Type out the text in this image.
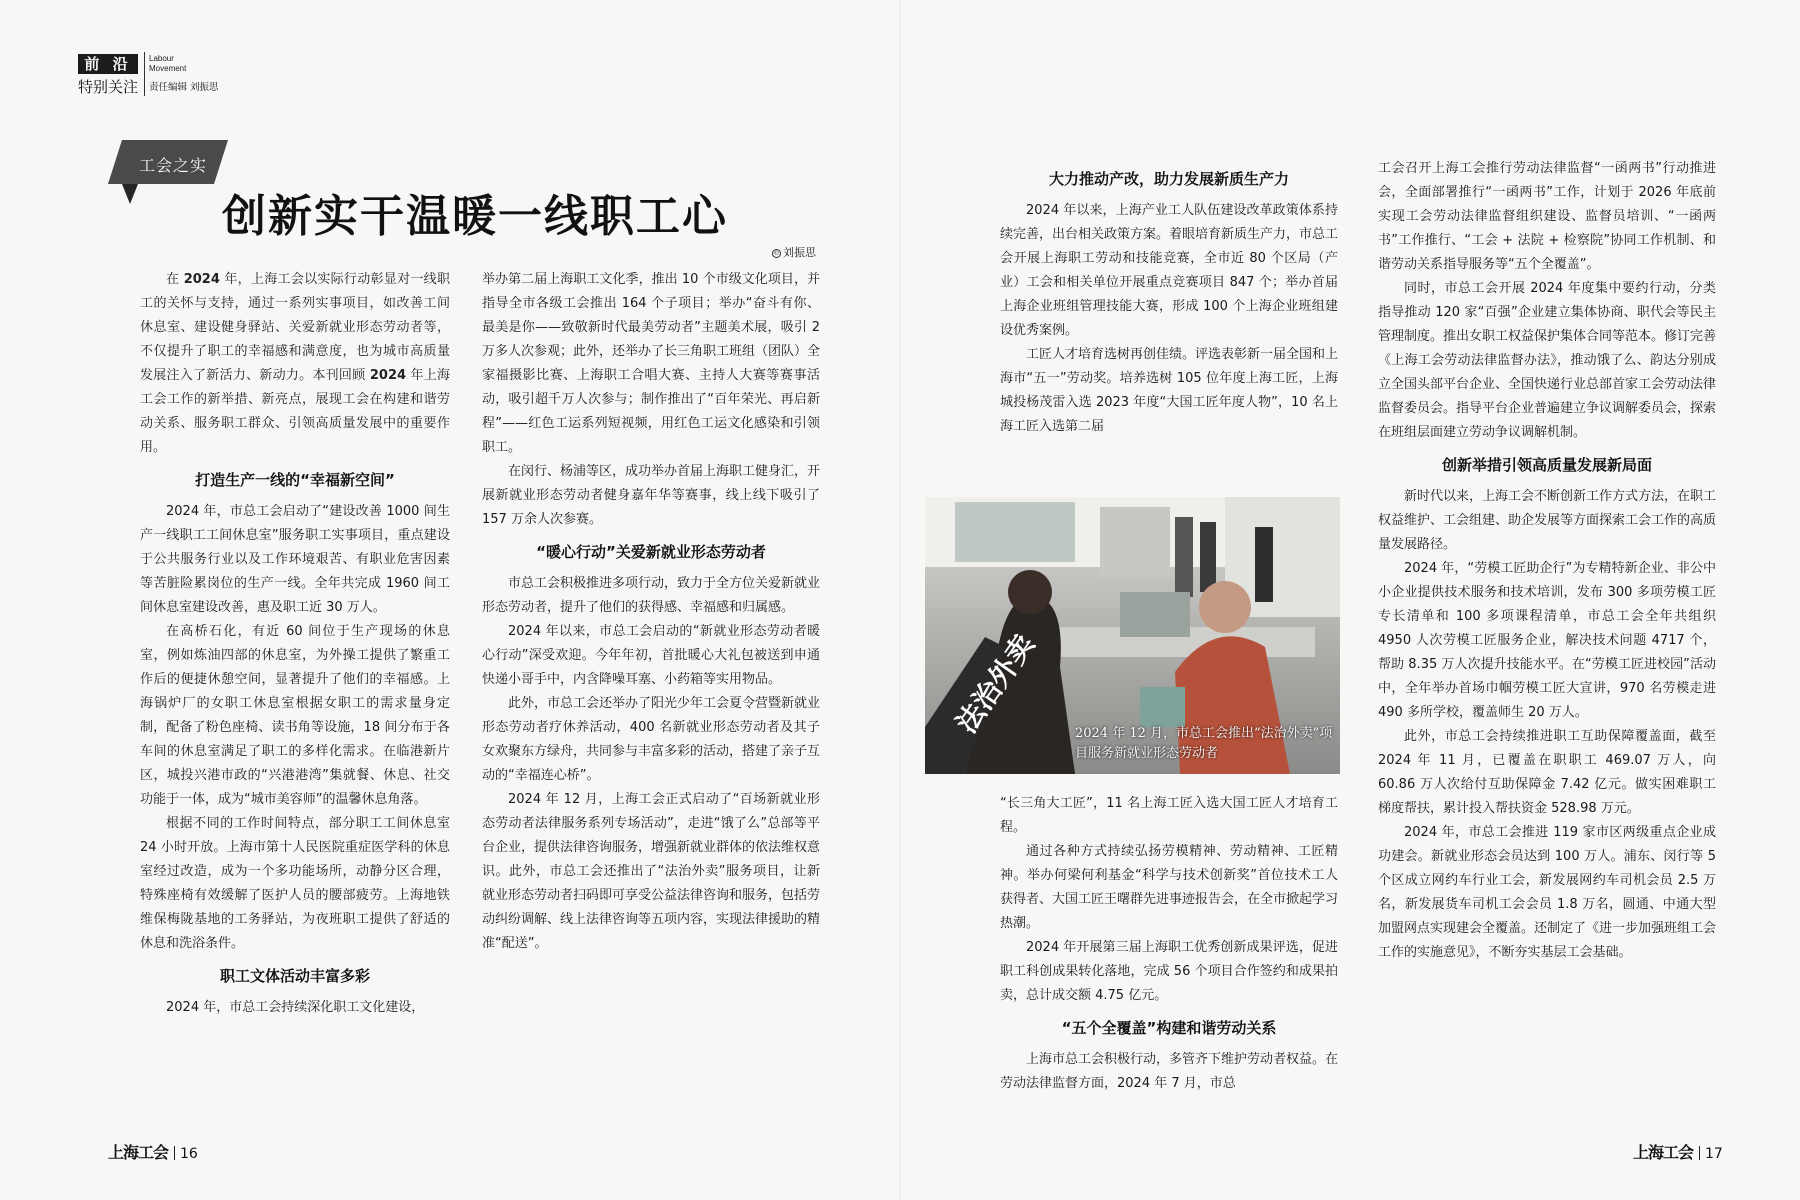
前 沿
特别关注
Labour
Movement
责任编辑 刘振思
工会之实
创新实干温暖一线职工心
© 刘振思

在 2024 年，上海工会以实际行动彰显对一线职工的关怀与支持，通过一系列实事项目，如改善工间休息室、建设健身驿站、关爱新就业形态劳动者等，不仅提升了职工的幸福感和满意度，也为城市高质量发展注入了新活力、新动力。本刊回顾 2024 年上海工会工作的新举措、新亮点，展现工会在构建和谐劳动关系、服务职工群众、引领高质量发展中的重要作用。

打造生产一线的“幸福新空间”

2024 年，市总工会启动了“建设改善 1000 间生产一线职工工间休息室”服务职工实事项目，重点建设于公共服务行业以及工作环境艰苦、有职业危害因素等苦脏险累岗位的生产一线。全年共完成 1960 间工间休息室建设改善，惠及职工近 30 万人。

在高桥石化，有近 60 间位于生产现场的休息室，例如炼油四部的休息室，为外操工提供了繁重工作后的便捷休憩空间，显著提升了他们的幸福感。上海锅炉厂的女职工休息室根据女职工的需求量身定制，配备了粉色座椅、读书角等设施，18 间分布于各车间的休息室满足了职工的多样化需求。在临港新片区，城投兴港市政的“兴港港湾”集就餐、休息、社交功能于一体，成为“城市美容师”的温馨休息角落。

根据不同的工作时间特点，部分职工工间休息室 24 小时开放。上海市第十人民医院重症医学科的休息室经过改造，成为一个多功能场所，动静分区合理，特殊座椅有效缓解了医护人员的腰部疲劳。上海地铁维保梅陇基地的工务驿站，为夜班职工提供了舒适的休息和洗浴条件。

职工文体活动丰富多彩

2024 年，市总工会持续深化职工文化建设，

举办第二届上海职工文化季，推出 10 个市级文化项目，并指导全市各级工会推出 164 个子项目；举办“奋斗有你、最美是你——致敬新时代最美劳动者”主题美术展，吸引 2 万多人次参观；此外，还举办了长三角职工班组（团队）全家福摄影比赛、上海职工合唱大赛、主持人大赛等赛事活动，吸引超千万人次参与；制作推出了“百年荣光、再启新程”——红色工运系列短视频，用红色工运文化感染和引领职工。

在闵行、杨浦等区，成功举办首届上海职工健身汇，开展新就业形态劳动者健身嘉年华等赛事，线上线下吸引了 157 万余人次参赛。

“暖心行动”关爱新就业形态劳动者

市总工会积极推进多项行动，致力于全方位关爱新就业形态劳动者，提升了他们的获得感、幸福感和归属感。

2024 年以来，市总工会启动的“新就业形态劳动者暖心行动”深受欢迎。今年年初，首批暖心大礼包被送到申通快递小哥手中，内含降噪耳塞、小药箱等实用物品。

此外，市总工会还举办了阳光少年工会夏令营暨新就业形态劳动者疗休养活动，400 名新就业形态劳动者及其子女欢聚东方绿舟，共同参与丰富多彩的活动，搭建了亲子互动的“幸福连心桥”。

2024 年 12 月，上海工会正式启动了“百场新就业形态劳动者法律服务系列专场活动”，走进“饿了么”总部等平台企业，提供法律咨询服务，增强新就业群体的依法维权意识。此外，市总工会还推出了“法治外卖”服务项目，让新就业形态劳动者扫码即可享受公益法律咨询和服务，包括劳动纠纷调解、线上法律咨询等五项内容，实现法律援助的精准“配送”。

大力推动产改，助力发展新质生产力

2024 年以来，上海产业工人队伍建设改革政策体系持续完善，出台相关政策方案。着眼培育新质生产力，市总工会开展上海职工劳动和技能竞赛，全市近 80 个区局（产业）工会和相关单位开展重点竞赛项目 847 个；举办首届上海企业班组管理技能大赛，形成 100 个上海企业班组建设优秀案例。

工匠人才培育选树再创佳绩。评选表彰新一届全国和上海市“五一”劳动奖。培养选树 105 位年度上海工匠，上海城投杨茂雷入选 2023 年度“大国工匠年度人物”，10 名上海工匠入选第二届

法治外卖	2024 年 12 月，市总工会推出“法治外卖”项目服务新就业形态劳动者

“长三角大工匠”，11 名上海工匠入选大国工匠人才培育工程。

通过各种方式持续弘扬劳模精神、劳动精神、工匠精神。举办何梁何利基金“科学与技术创新奖”首位技术工人获得者、大国工匠王曙群先进事迹报告会，在全市掀起学习热潮。

2024 年开展第三届上海职工优秀创新成果评选，促进职工科创成果转化落地，完成 56 个项目合作签约和成果拍卖，总计成交额 4.75 亿元。

“五个全覆盖”构建和谐劳动关系

上海市总工会积极行动，多管齐下维护劳动者权益。在劳动法律监督方面，2024 年 7 月，市总

工会召开上海工会推行劳动法律监督“一函两书”行动推进会，全面部署推行“一函两书”工作，计划于 2026 年底前实现工会劳动法律监督组织建设、监督员培训、“一函两书”工作推行、“工会 + 法院 + 检察院”协同工作机制、和谐劳动关系指导服务等“五个全覆盖”。

同时，市总工会开展 2024 年度集中要约行动，分类指导推动 120 家“百强”企业建立集体协商、职代会等民主管理制度。推出女职工权益保护集体合同等范本。修订完善《上海工会劳动法律监督办法》，推动饿了么、韵达分别成立全国头部平台企业、全国快递行业总部首家工会劳动法律监督委员会。指导平台企业普遍建立争议调解委员会，探索在班组层面建立劳动争议调解机制。

创新举措引领高质量发展新局面

新时代以来，上海工会不断创新工作方式方法，在职工权益维护、工会组建、助企发展等方面探索工会工作的高质量发展路径。

2024 年，“劳模工匠助企行”为专精特新企业、非公中小企业提供技术服务和技术培训，发布 300 多项劳模工匠专长清单和 100 多项课程清单，市总工会全年共组织 4950 人次劳模工匠服务企业，解决技术问题 4717 个，帮助 8.35 万人次提升技能水平。在“劳模工匠进校园”活动中，全年举办首场巾帼劳模工匠大宣讲，970 名劳模走进 490 多所学校，覆盖师生 20 万人。

此外，市总工会持续推进职工互助保障覆盖面，截至 2024 年 11 月，已覆盖在职职工 469.07 万人，向 60.86 万人次给付互助保障金 7.42 亿元。做实困难职工梯度帮扶，累计投入帮扶资金 528.98 万元。

2024 年，市总工会推进 119 家市区两级重点企业成功建会。新就业形态会员达到 100 万人。浦东、闵行等 5 个区成立网约车行业工会，新发展网约车司机会员 2.5 万名，新发展货车司机工会会员 1.8 万名，圆通、中通大型加盟网点实现建会全覆盖。还制定了《进一步加强班组工会工作的实施意见》，不断夯实基层工会基础。

上海工会 16	上海工会 17
